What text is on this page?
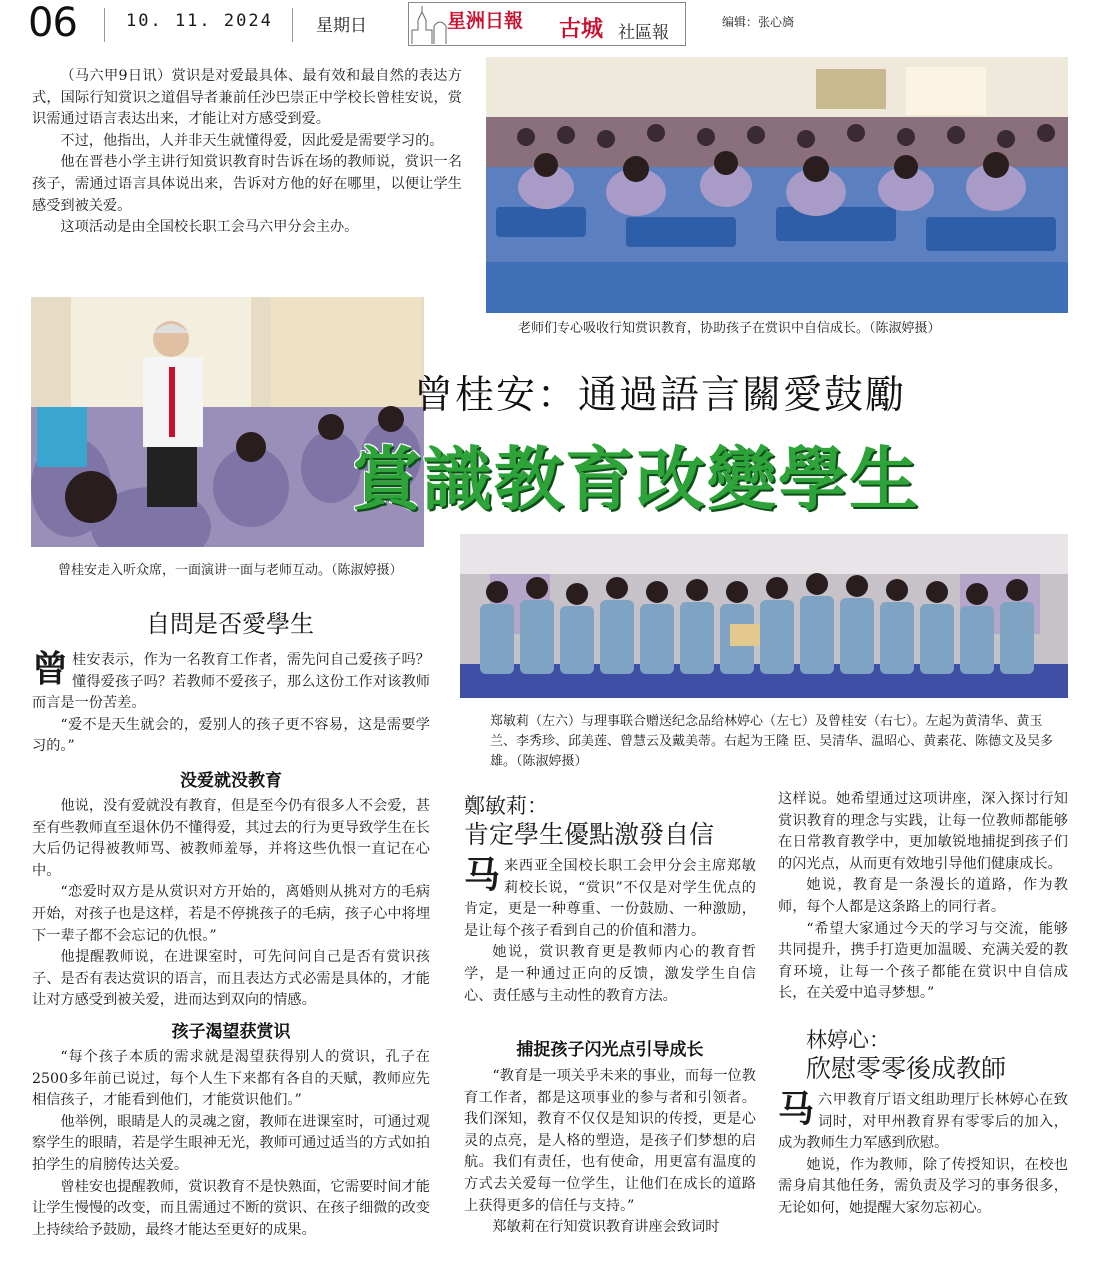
06	10. 11. 2024	星期日	星洲日報 古城 社區報
编辑：张心旖

（马六甲9日讯）赏识是对爱最具体、最有效和最自然的表达方式，国际行知赏识之道倡导者兼前任沙巴崇正中学校长曾桂安说，赏识需通过语言表达出来，才能让对方感受到爱。

不过，他指出，人并非天生就懂得爱，因此爱是需要学习的。

他在晋巷小学主讲行知赏识教育时告诉在场的教师说，赏识一名孩子，需通过语言具体说出来，告诉对方他的好在哪里，以便让学生感受到被关爱。

这项活动是由全国校长职工会马六甲分会主办。

老师们专心吸收行知赏识教育，协助孩子在赏识中自信成长。（陈淑婷摄）
曾桂安：通過語言關愛鼓勵
賞識教育改變學生
曾桂安走入听众席，一面演讲一面与老师互动。（陈淑婷摄）
郑敏莉（左六）与理事联合赠送纪念品给林婷心（左七）及曾桂安（右七）。左起为黄清华、黄玉兰、李秀珍、邱美莲、曾慧云及戴美蒂。右起为王隆 臣、吴清华、温昭心、黄素花、陈德文及吴多雄。（陈淑婷摄）
自問是否愛學生

曾桂安表示，作为一名教育工作者，需先问自己爱孩子吗？懂得爱孩子吗？若教师不爱孩子，那么这份工作对该教师而言是一份苦差。

“爱不是天生就会的，爱别人的孩子更不容易，这是需要学习的。”

没爱就没教育

他说，没有爱就没有教育，但是至今仍有很多人不会爱，甚至有些教师直至退休仍不懂得爱，其过去的行为更导致学生在长大后仍记得被教师骂、被教师羞辱，并将这些仇恨一直记在心中。

“恋爱时双方是从赏识对方开始的，离婚则从挑对方的毛病开始，对孩子也是这样，若是不停挑孩子的毛病，孩子心中将埋下一辈子都不会忘记的仇恨。”

他提醒教师说，在进课室时，可先问问自己是否有赏识孩子、是否有表达赏识的语言，而且表达方式必需是具体的，才能让对方感受到被关爱，进而达到双向的情感。

孩子渴望获赏识

“每个孩子本质的需求就是渴望获得别人的赏识，孔子在2500多年前已说过，每个人生下来都有各自的天赋，教师应先相信孩子，才能看到他们，才能赏识他们。”

他举例，眼睛是人的灵魂之窗，教师在进课室时，可通过观察学生的眼睛，若是学生眼神无光，教师可通过适当的方式如拍拍学生的肩膀传达关爱。

曾桂安也提醒教师，赏识教育不是快熟面，它需要时间才能让学生慢慢的改变，而且需通过不断的赏识、在孩子细微的改变上持续给予鼓励，最终才能达至更好的成果。

鄭敏莉：
肯定學生優點激發自信

马来西亚全国校长职工会甲分会主席郑敏莉校长说，“赏识”不仅是对学生优点的肯定，更是一种尊重、一份鼓励、一种激励，是让每个孩子看到自己的价值和潜力。

她说，赏识教育更是教师内心的教育哲学，是一种通过正向的反馈，激发学生自信心、责任感与主动性的教育方法。

捕捉孩子闪光点引导成长

“教育是一项关乎未来的事业，而每一位教育工作者，都是这项事业的参与者和引领者。我们深知，教育不仅仅是知识的传授，更是心灵的点亮，是人格的塑造，是孩子们梦想的启航。我们有责任，也有使命，用更富有温度的方式去关爱每一位学生，让他们在成长的道路上获得更多的信任与支持。”

郑敏莉在行知赏识教育讲座会致词时

这样说。她希望通过这项讲座，深入探讨行知赏识教育的理念与实践，让每一位教师都能够在日常教育教学中，更加敏锐地捕捉到孩子们的闪光点，从而更有效地引导他们健康成长。

她说，教育是一条漫长的道路，作为教师，每个人都是这条路上的同行者。

“希望大家通过今天的学习与交流，能够共同提升，携手打造更加温暖、充满关爱的教育环境，让每一个孩子都能在赏识中自信成长，在关爱中追寻梦想。”

林婷心：
欣慰零零後成教師

马六甲教育厅语文组助理厅长林婷心在致词时，对甲州教育界有零零后的加入，成为教师生力军感到欣慰。

她说，作为教师，除了传授知识，在校也需身肩其他任务，需负责及学习的事务很多，无论如何，她提醒大家勿忘初心。
